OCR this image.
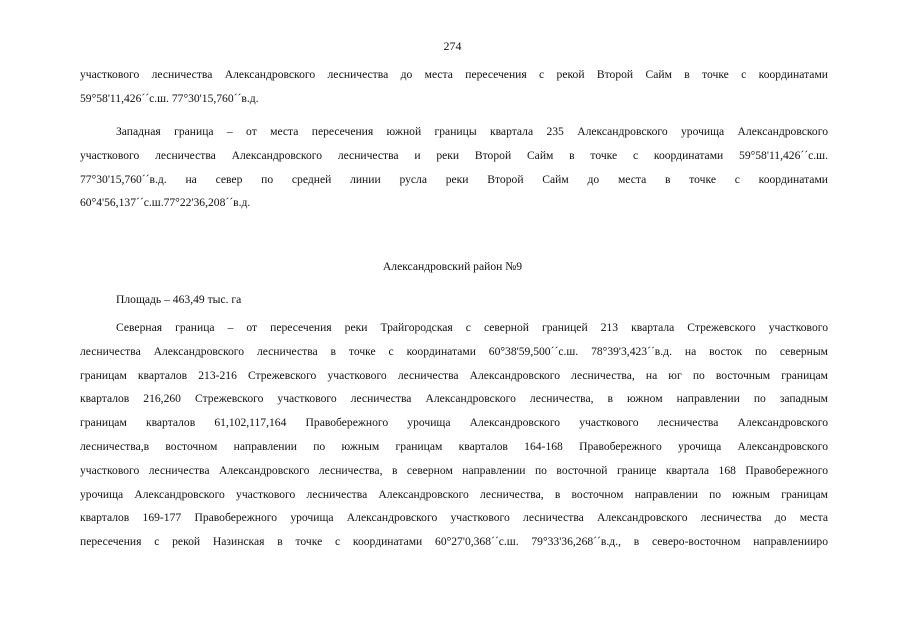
274
участкового лесничества Александровского лесничества до места пересечения с рекой Второй Сайм в точке с координатами
59°58'11,426´´с.ш. 77°30'15,760´´в.д.
Западная граница – от места пересечения южной границы квартала 235 Александровского урочища Александровского
участкового лесничества Александровского лесничества и реки Второй Сайм в точке с координатами 59°58'11,426´´с.ш.
77°30'15,760´´в.д. на север по средней линии русла реки Второй Сайм до места в точке с координатами
60°4'56,137´´с.ш.77°22'36,208´´в.д.
Александровский район №9
Площадь – 463,49 тыс. га
Северная граница – от пересечения реки Трайгородская с северной границей 213 квартала Стрежевского участкового
лесничества Александровского лесничества в точке с координатами 60°38'59,500´´с.ш. 78°39'3,423´´в.д. на восток по северным
границам кварталов 213-216 Стрежевского участкового лесничества Александровского лесничества, на юг по восточным границам
кварталов 216,260 Стрежевского участкового лесничества Александровского лесничества, в южном направлении по западным
границам кварталов 61,102,117,164 Правобережного урочища Александровского участкового лесничества Александровского
лесничества,в восточном направлении по южным границам кварталов 164-168 Правобережного урочища Александровского
участкового лесничества Александровского лесничества, в северном направлении по восточной границе квартала 168 Правобережного
урочища Александровского участкового лесничества Александровского лесничества, в восточном направлении по южным границам
кварталов 169-177 Правобережного урочища Александровского участкового лесничества Александровского лесничества до места
пересечения с рекой Назинская в точке с координатами 60°27'0,368´´с.ш. 79°33'36,268´´в.д., в северо-восточном направленииро
